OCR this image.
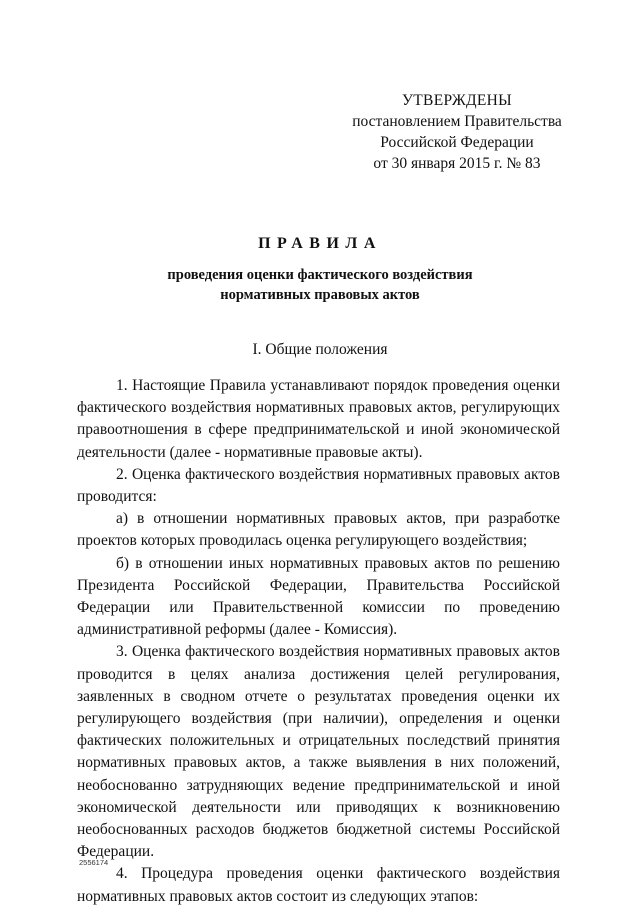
УТВЕРЖДЕНЫ
постановлением Правительства
Российской Федерации
от 30 января 2015 г. № 83
ПРАВИЛА
проведения оценки фактического воздействия
нормативных правовых актов
I. Общие положения

1. Настоящие Правила устанавливают порядок проведения оценки фактического воздействия нормативных правовых актов, регулирующих правоотношения в сфере предпринимательской и иной экономической деятельности (далее - нормативные правовые акты).

2. Оценка фактического воздействия нормативных правовых актов проводится:

а) в отношении нормативных правовых актов, при разработке проектов которых проводилась оценка регулирующего воздействия;

б) в отношении иных нормативных правовых актов по решению Президента Российской Федерации, Правительства Российской Федерации или Правительственной комиссии по проведению административной реформы (далее - Комиссия).

3. Оценка фактического воздействия нормативных правовых актов проводится в целях анализа достижения целей регулирования, заявленных в сводном отчете о результатах проведения оценки их регулирующего воздействия (при наличии), определения и оценки фактических положительных и отрицательных последствий принятия нормативных правовых актов, а также выявления в них положений, необоснованно затрудняющих ведение предпринимательской и иной экономической деятельности или приводящих к возникновению необоснованных расходов бюджетов бюджетной системы Российской Федерации.

4. Процедура проведения оценки фактического воздействия нормативных правовых актов состоит из следующих этапов:

2556174
